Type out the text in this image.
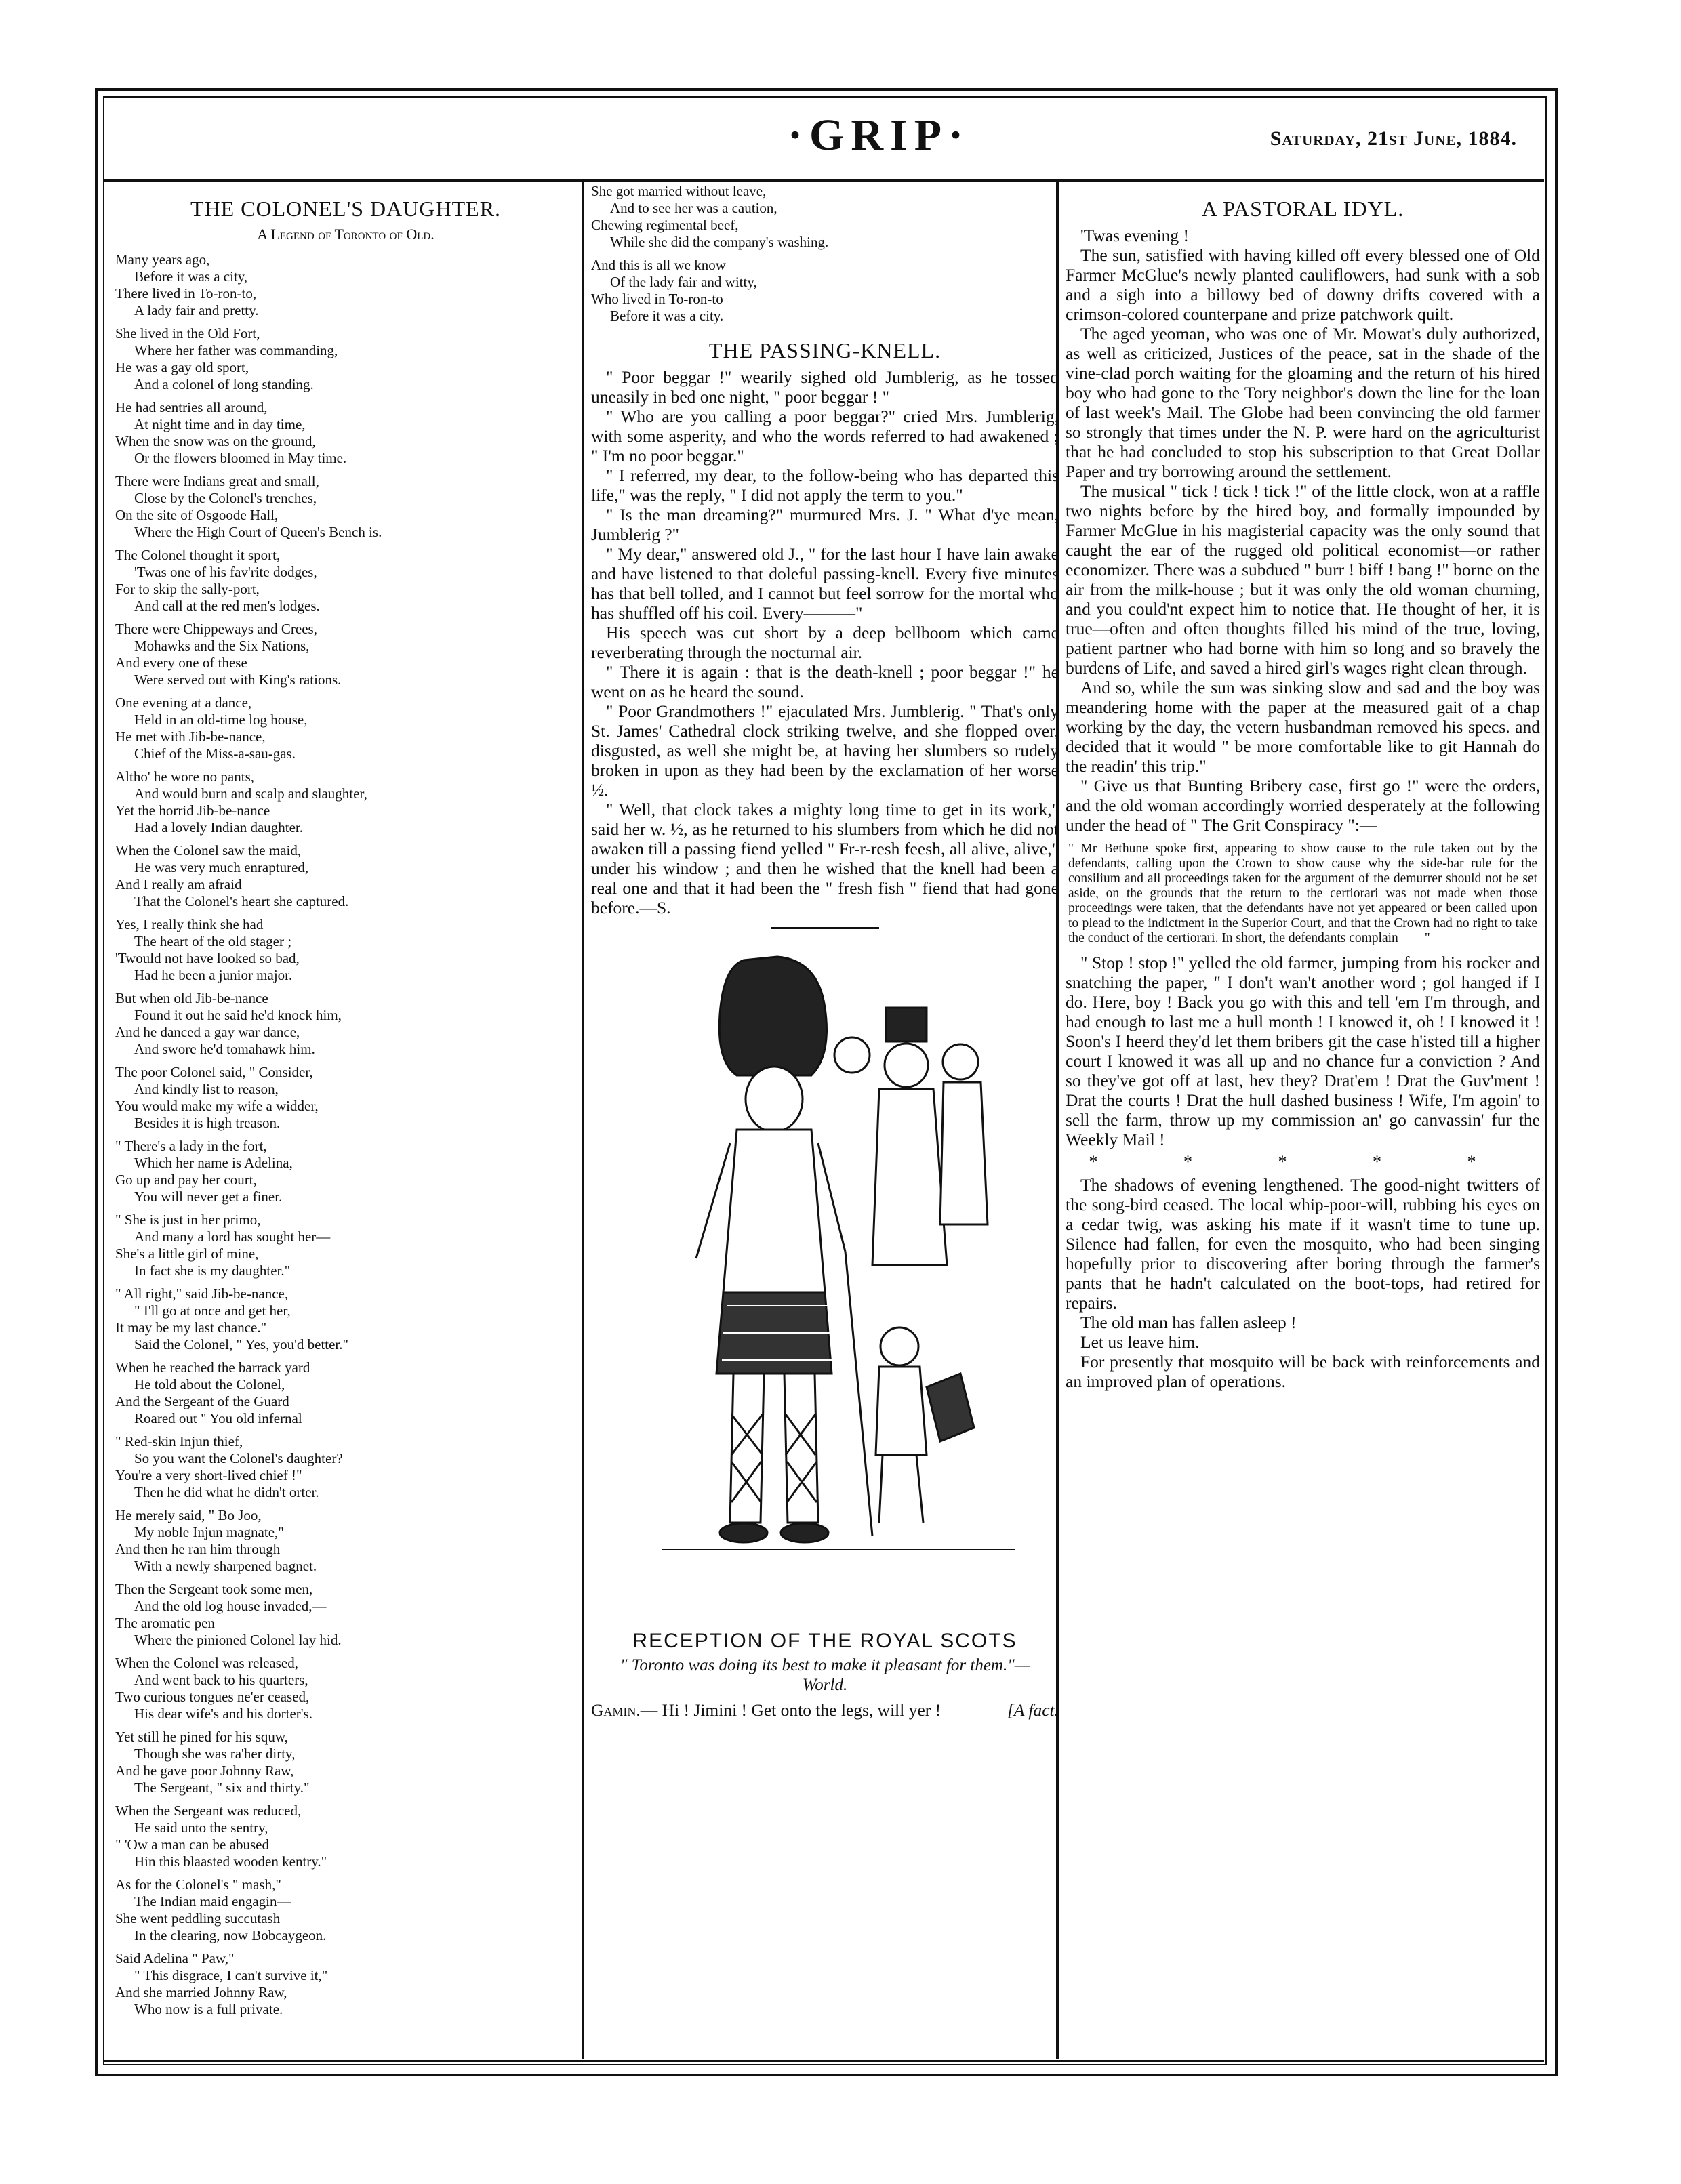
·GRIP·	Saturday, 21st June, 1884.
THE COLONEL'S DAUGHTER.
A Legend of Toronto of Old.
Many years ago,
Before it was a city,
There lived in To-ron-to,
A lady fair and pretty.
She lived in the Old Fort,
Where her father was commanding,
He was a gay old sport,
And a colonel of long standing.
He had sentries all around,
At night time and in day time,
When the snow was on the ground,
Or the flowers bloomed in May time.
There were Indians great and small,
Close by the Colonel's trenches,
On the site of Osgoode Hall,
Where the High Court of Queen's Bench is.
The Colonel thought it sport,
'Twas one of his fav'rite dodges,
For to skip the sally-port,
And call at the red men's lodges.
There were Chippeways and Crees,
Mohawks and the Six Nations,
And every one of these
Were served out with King's rations.
One evening at a dance,
Held in an old-time log house,
He met with Jib-be-nance,
Chief of the Miss-a-sau-gas.
Altho' he wore no pants,
And would burn and scalp and slaughter,
Yet the horrid Jib-be-nance
Had a lovely Indian daughter.
When the Colonel saw the maid,
He was very much enraptured,
And I really am afraid
That the Colonel's heart she captured.
Yes, I really think she had
The heart of the old stager ;
'Twould not have looked so bad,
Had he been a junior major.
But when old Jib-be-nance
Found it out he said he'd knock him,
And he danced a gay war dance,
And swore he'd tomahawk him.
The poor Colonel said, " Consider,
And kindly list to reason,
You would make my wife a widder,
Besides it is high treason.
" There's a lady in the fort,
Which her name is Adelina,
Go up and pay her court,
You will never get a finer.
" She is just in her primo,
And many a lord has sought her—
She's a little girl of mine,
In fact she is my daughter."
" All right," said Jib-be-nance,
" I'll go at once and get her,
It may be my last chance."
Said the Colonel, " Yes, you'd better."
When he reached the barrack yard
He told about the Colonel,
And the Sergeant of the Guard
Roared out " You old infernal
" Red-skin Injun thief,
So you want the Colonel's daughter?
You're a very short-lived chief !"
Then he did what he didn't orter.
He merely said, " Bo Joo,
My noble Injun magnate,"
And then he ran him through
With a newly sharpened bagnet.
Then the Sergeant took some men,
And the old log house invaded,—
The aromatic pen
Where the pinioned Colonel lay hid.
When the Colonel was released,
And went back to his quarters,
Two curious tongues ne'er ceased,
His dear wife's and his dorter's.
Yet still he pined for his squw,
Though she was ra'her dirty,
And he gave poor Johnny Raw,
The Sergeant, " six and thirty."
When the Sergeant was reduced,
He said unto the sentry,
" 'Ow a man can be abused
Hin this blaasted wooden kentry."
As for the Colonel's " mash,"
The Indian maid engagin—
She went peddling succutash
In the clearing, now Bobcaygeon.
Said Adelina " Paw,"
" This disgrace, I can't survive it,"
And she married Johnny Raw,
Who now is a full private.
She got married without leave,
And to see her was a caution,
Chewing regimental beef,
While she did the company's washing.
And this is all we know
Of the lady fair and witty,
Who lived in To-ron-to
Before it was a city.
THE PASSING-KNELL.

" Poor beggar !" wearily sighed old Jumblerig, as he tossed uneasily in bed one night, " poor beggar ! "

" Who are you calling a poor beggar?" cried Mrs. Jumblerig, with some asperity, and who the words referred to had awakened ; " I'm no poor beggar."

" I referred, my dear, to the follow-being who has departed this life," was the reply, " I did not apply the term to you."

" Is the man dreaming?" murmured Mrs. J. " What d'ye mean, Jumblerig ?"

" My dear," answered old J., " for the last hour I have lain awake and have listened to that doleful passing-knell. Every five minutes has that bell tolled, and I cannot but feel sorrow for the mortal who has shuffled off his coil. Every———"

His speech was cut short by a deep bellboom which came reverberating through the nocturnal air.

" There it is again : that is the death-knell ; poor beggar !" he went on as he heard the sound.

" Poor Grandmothers !" ejaculated Mrs. Jumblerig. " That's only St. James' Cathedral clock striking twelve, and she flopped over, disgusted, as well she might be, at having her slumbers so rudely broken in upon as they had been by the exclamation of her worse ½.

" Well, that clock takes a mighty long time to get in its work," said her w. ½, as he returned to his slumbers from which he did not awaken till a passing fiend yelled " Fr-r-resh feesh, all alive, alive," under his window ; and then he wished that the knell had been a real one and that it had been the " fresh fish " fiend that had gone before.—S.

RECEPTION OF THE ROYAL SCOTS
" Toronto was doing its best to make it pleasant for them."—World.
Gamin.— Hi ! Jimini ! Get onto the legs, will yer !	[A fact.
A PASTORAL IDYL.

'Twas evening !

The sun, satisfied with having killed off every blessed one of Old Farmer McGlue's newly planted cauliflowers, had sunk with a sob and a sigh into a billowy bed of downy drifts covered with a crimson-colored counterpane and prize patchwork quilt.

The aged yeoman, who was one of Mr. Mowat's duly authorized, as well as criticized, Justices of the peace, sat in the shade of the vine-clad porch waiting for the gloaming and the return of his hired boy who had gone to the Tory neighbor's down the line for the loan of last week's Mail. The Globe had been convincing the old farmer so strongly that times under the N. P. were hard on the agriculturist that he had concluded to stop his subscription to that Great Dollar Paper and try borrowing around the settlement.

The musical " tick ! tick ! tick !" of the little clock, won at a raffle two nights before by the hired boy, and formally impounded by Farmer McGlue in his magisterial capacity was the only sound that caught the ear of the rugged old political economist—or rather economizer. There was a subdued " burr ! biff ! bang !" borne on the air from the milk-house ; but it was only the old woman churning, and you could'nt expect him to notice that. He thought of her, it is true—often and often thoughts filled his mind of the true, loving, patient partner who had borne with him so long and so bravely the burdens of Life, and saved a hired girl's wages right clean through.

And so, while the sun was sinking slow and sad and the boy was meandering home with the paper at the measured gait of a chap working by the day, the vetern husbandman removed his specs. and decided that it would " be more comfortable like to git Hannah do the readin' this trip."

" Give us that Bunting Bribery case, first go !" were the orders, and the old woman accordingly worried desperately at the following under the head of " The Grit Conspiracy ":—

" Mr Bethune spoke first, appearing to show cause to the rule taken out by the defendants, calling upon the Crown to show cause why the side-bar rule for the consilium and all proceedings taken for the argument of the demurrer should not be set aside, on the grounds that the return to the certiorari was not made when those proceedings were taken, that the defendants have not yet appeared or been called upon to plead to the indictment in the Superior Court, and that the Crown had no right to take the conduct of the certiorari. In short, the defendants complain——"

" Stop ! stop !" yelled the old farmer, jumping from his rocker and snatching the paper, " I don't wan't another word ; gol hanged if I do. Here, boy ! Back you go with this and tell 'em I'm through, and had enough to last me a hull month ! I knowed it, oh ! I knowed it ! Soon's I heerd they'd let them bribers git the case h'isted till a higher court I knowed it was all up and no chance fur a conviction ? And so they've got off at last, hev they? Drat'em ! Drat the Guv'ment ! Drat the courts ! Drat the hull dashed business ! Wife, I'm agoin' to sell the farm, throw up my commission an' go canvassin' fur the Weekly Mail !

* * * * *

The shadows of evening lengthened. The good-night twitters of the song-bird ceased. The local whip-poor-will, rubbing his eyes on a cedar twig, was asking his mate if it wasn't time to tune up. Silence had fallen, for even the mosquito, who had been singing hopefully prior to discovering after boring through the farmer's pants that he hadn't calculated on the boot-tops, had retired for repairs.

The old man has fallen asleep !

Let us leave him.

For presently that mosquito will be back with reinforcements and an improved plan of operations.
